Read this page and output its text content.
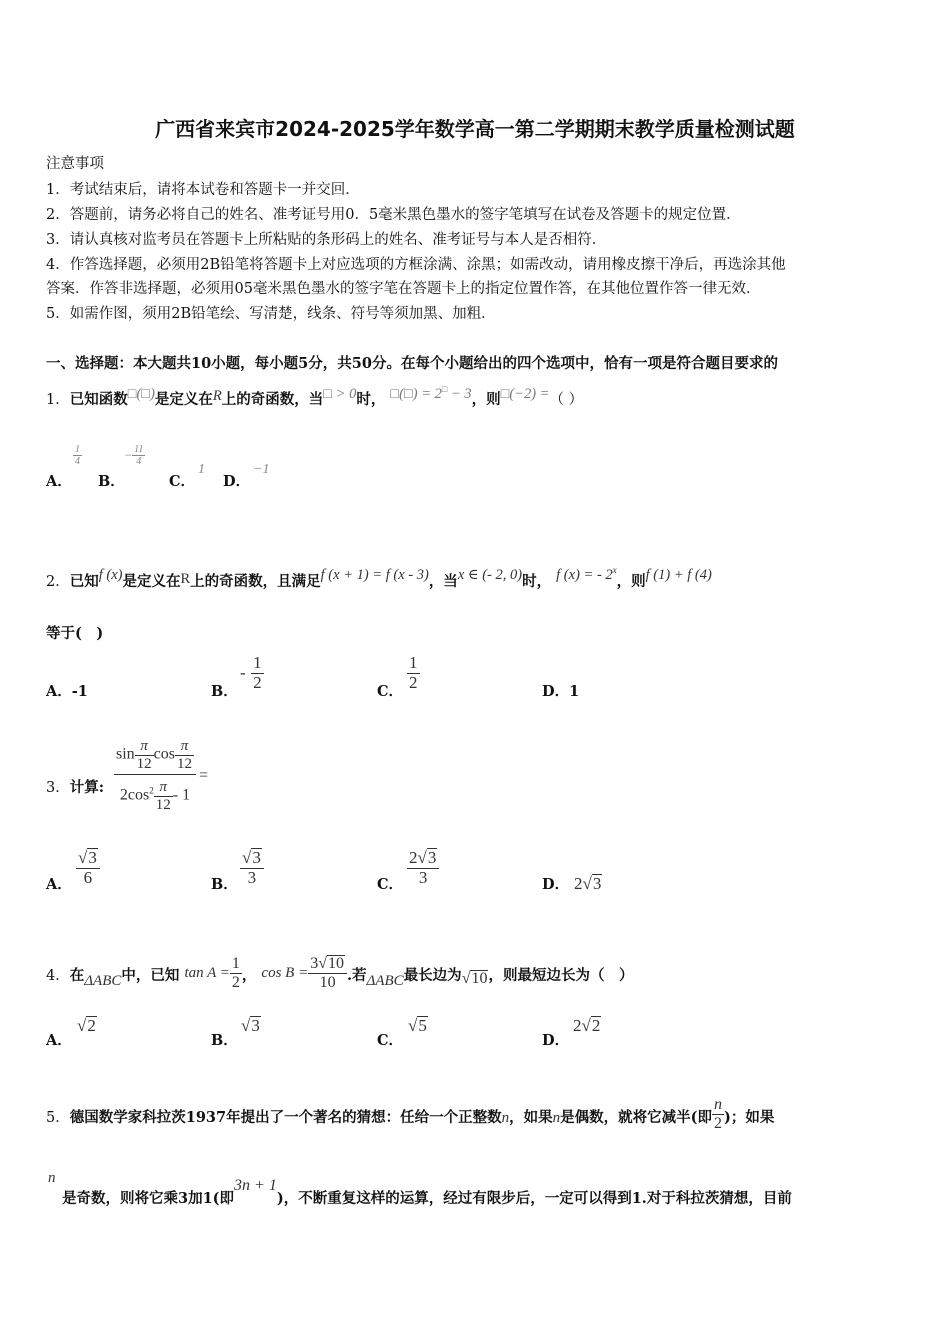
广西省来宾市2024-2025学年数学高一第二学期期末教学质量检测试题
注意事项
1．考试结束后，请将本试卷和答题卡一并交回．
2．答题前，请务必将自己的姓名、准考证号用0．5毫米黑色墨水的签字笔填写在试卷及答题卡的规定位置．
3．请认真核对监考员在答题卡上所粘贴的条形码上的姓名、准考证号与本人是否相符．
4．作答选择题，必须用2B铅笔将答题卡上对应选项的方框涂满、涂黑；如需改动，请用橡皮擦干净后，再选涂其他
答案．作答非选择题，必须用05毫米黑色墨水的签字笔在答题卡上的指定位置作答，在其他位置作答一律无效．
5．如需作图，须用2B铅笔绘、写清楚，线条、符号等须加黑、加粗．
一、选择题：本大题共10小题，每小题5分，共50分。在每个小题给出的四个选项中，恰有一项是符合题目要求的
1．已知函数□(□)是定义在R上的奇函数，当□ > 0时， □(□) = 2□ − 3，则□(−2) =（ ）
A．
$\frac{1}{4}$
B．
− $\frac{11}{4}$
C．
1
D．
−1
2．已知f (x)是定义在R上的奇函数，且满足f (x + 1) = f (x - 3)，当x ∈ (- 2, 0)时， f (x) = - 2$^x$，则f (1) + f (4)
等于(　)
A．-1	B．
- $\frac{1}{2}$	C． $\frac{1}{2}$	D．1
3．计算: $\frac{\sin \frac{\pi}{12} \cos \frac{\pi}{12}}{2\cos^2 \frac{\pi}{12} - 1}$ =
A． $\frac{√3}{6}$	B． $\frac{√3}{3}$	C． $\frac{2√3}{3}$	D． 2√3
4．在ΔABC中，已知 $\tan A = \frac{1}{2}$ ， $\cos B = \frac{3√10}{10}$ .若ΔABC最长边为√10，则最短边长为（　）
A．
√2
B．
√3
C．
√5
D．
2√2
5．德国数学家科拉茨1937年提出了一个著名的猜想：任给一个正整数n，如果n是偶数，就将它减半(即 $\frac{n}{2}$ )；如果
n
是奇数，则将它乘3加1(即3n + 1)，不断重复这样的运算，经过有限步后，一定可以得到1.对于科拉茨猜想，目前
